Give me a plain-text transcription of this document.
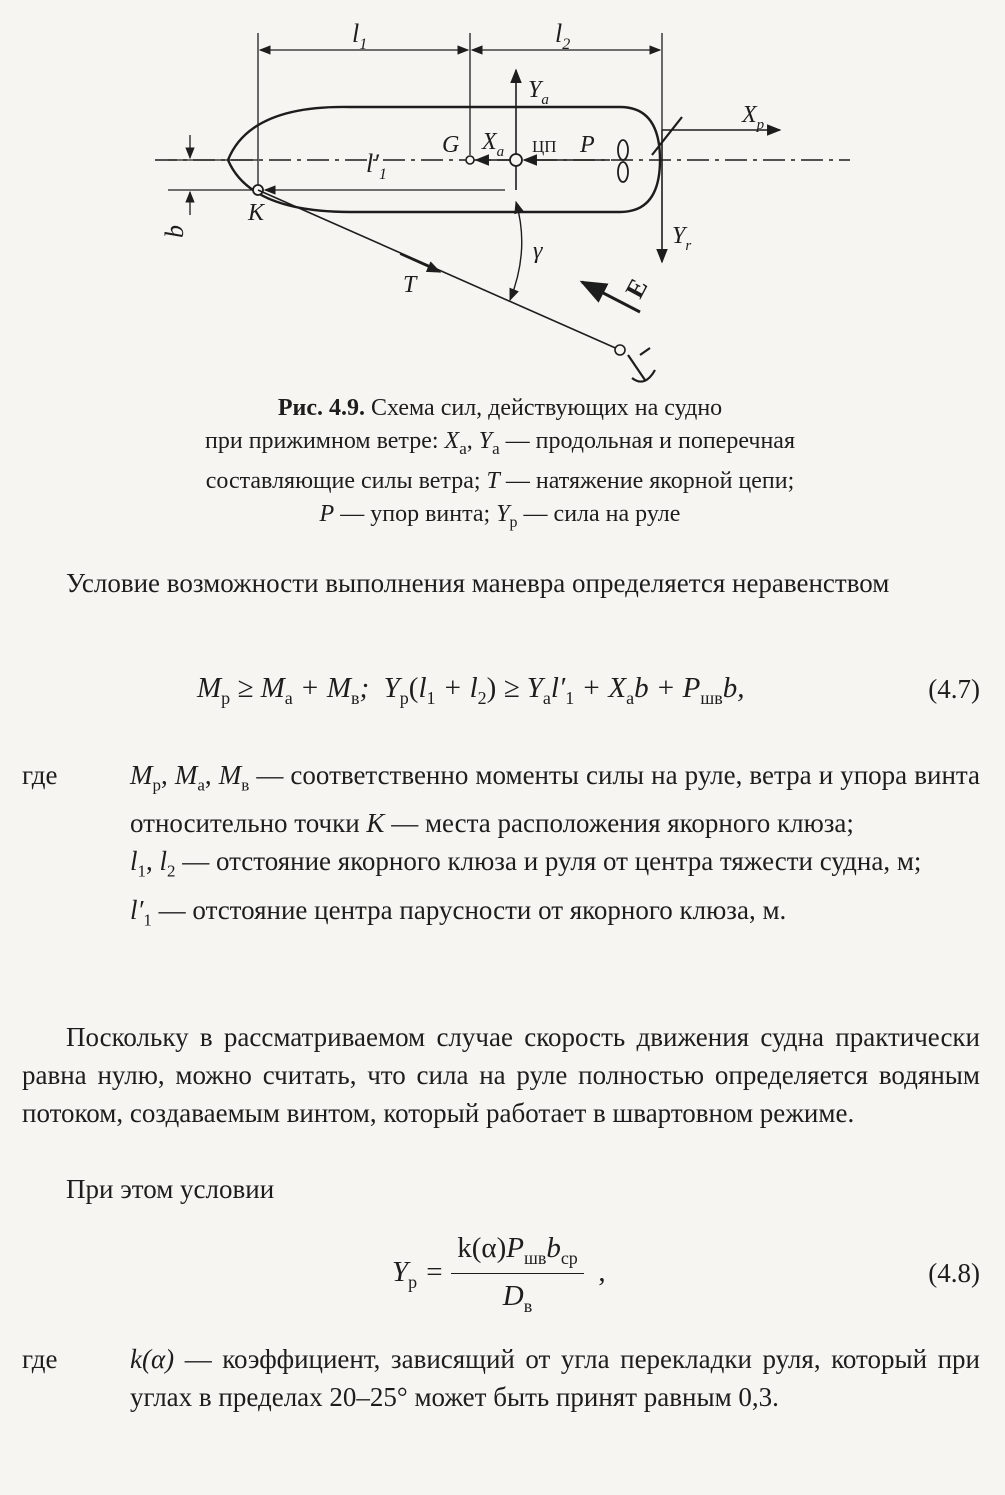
$l_1$	$l_2$
$Y_a$
$X_p$
G $X_a$ ЦП P
$l'_1$
b
K
$Y_r$
γ
T	E
Рис. 4.9. Схема сил, действующих на судно
при прижимном ветре: $X_a$, $Y_a$ — продольная и поперечная
составляющие силы ветра; T — натяжение якорной цепи;
P — упор винта; $Y_р$ — сила на руле
Условие возможности выполнения маневра определяется неравенством
$M_р \ge M_а + M_в$;  $Y_р(l_1 + l_2) \ge Y_al'_1 + X_ab + P_{шв}b$,	(4.7)
где	$M_р$, $M_а$, $M_в$ — соответственно моменты силы на руле, ветра и упора винта относительно точки K — места расположения якорного клюза;

$l_1$, $l_2$ — отстояние якорного клюза и руля от центра тяжести судна, м;

$l'_1$ — отстояние центра парусности от якорного клюза, м.

Поскольку в рассматриваемом случае скорость движения судна практически равна нулю, можно считать, что сила на руле полностью определяется водяным потоком, создаваемым винтом, который работает в швартовном режиме.
При этом условии
$Y_р = \frac{k(\alpha)P_{шв}b_{ср}}{D_в}$ ,	(4.8)
где	k(α) — коэффициент, зависящий от угла перекладки руля, который при углах в пределах 20–25° может быть принят равным 0,3.
